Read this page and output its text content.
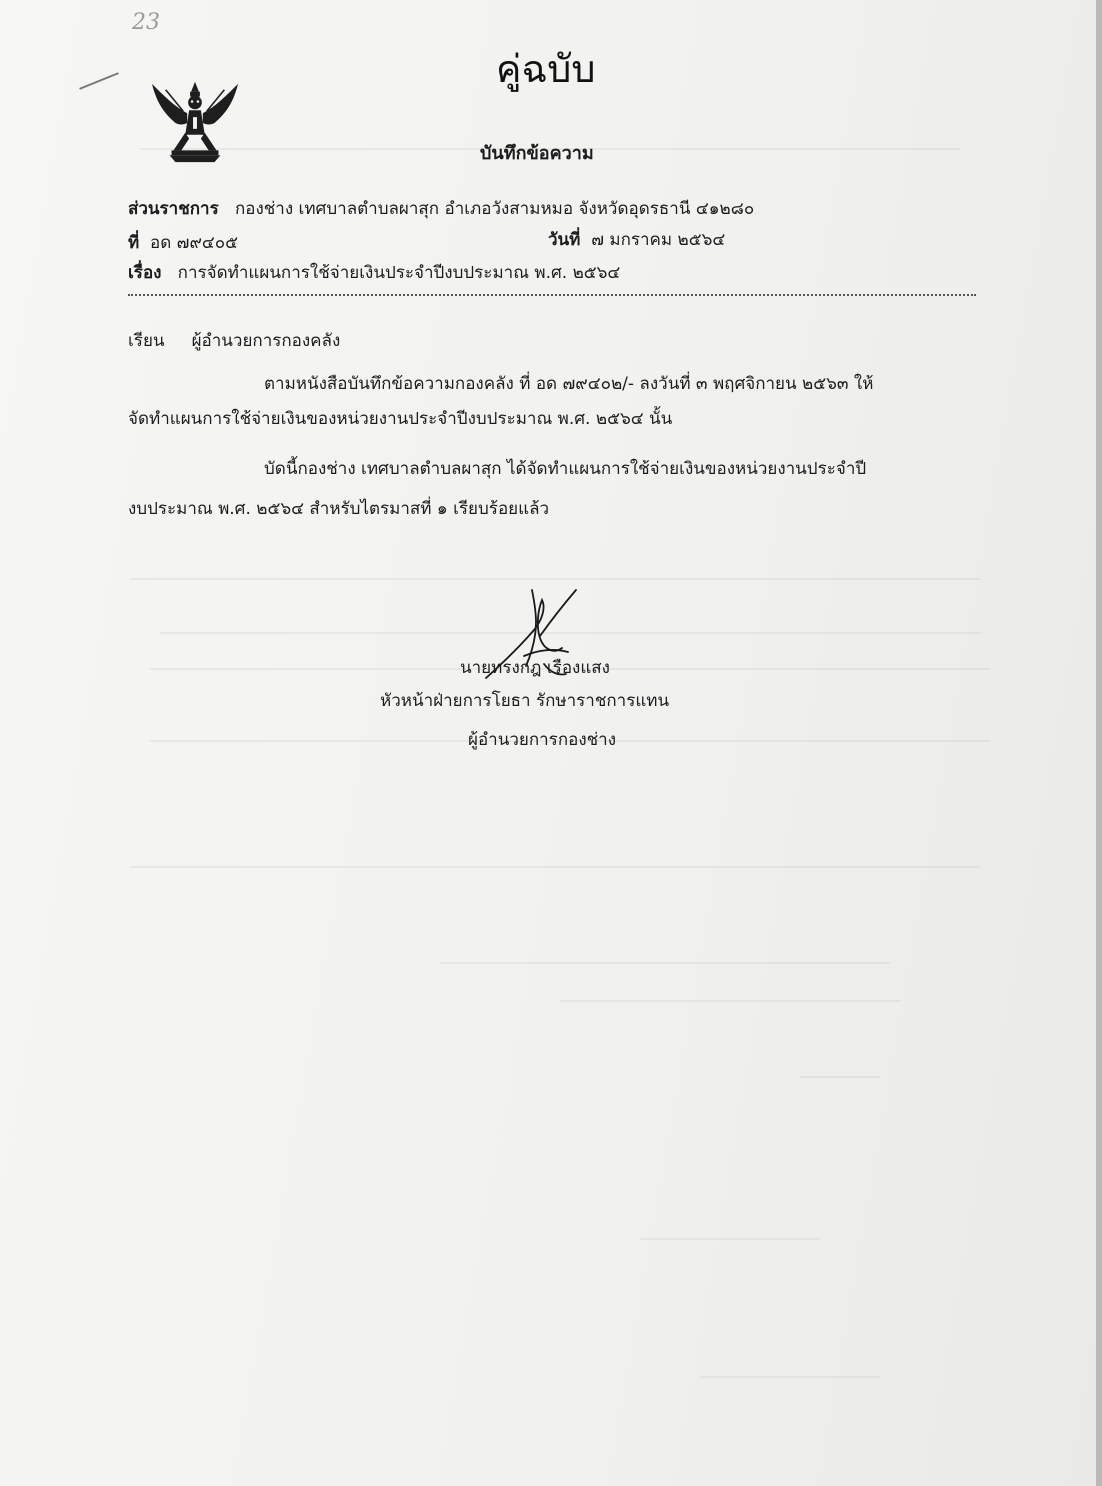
23
คู่ฉบับ
บันทึกข้อความ
ส่วนราชการ กองช่าง เทศบาลตำบลผาสุก อำเภอวังสามหมอ จังหวัดอุดรธานี ๔๑๒๘๐
ที่ อด ๗๙๔๐๕	วันที่ ๗ มกราคม ๒๕๖๔
เรื่อง การจัดทำแผนการใช้จ่ายเงินประจำปีงบประมาณ พ.ศ. ๒๕๖๔
เรียน ผู้อำนวยการกองคลัง
ตามหนังสือบันทึกข้อความกองคลัง ที่ อด ๗๙๔๐๒/- ลงวันที่ ๓ พฤศจิกายน ๒๕๖๓ ให้
จัดทำแผนการใช้จ่ายเงินของหน่วยงานประจำปีงบประมาณ พ.ศ. ๒๕๖๔ นั้น
บัดนี้กองช่าง เทศบาลตำบลผาสุก ได้จัดทำแผนการใช้จ่ายเงินของหน่วยงานประจำปี
งบประมาณ พ.ศ. ๒๕๖๔ สำหรับไตรมาสที่ ๑ เรียบร้อยแล้ว
นายทรงกฎ เรืองแสง
หัวหน้าฝ่ายการโยธา รักษาราชการแทน
ผู้อำนวยการกองช่าง
